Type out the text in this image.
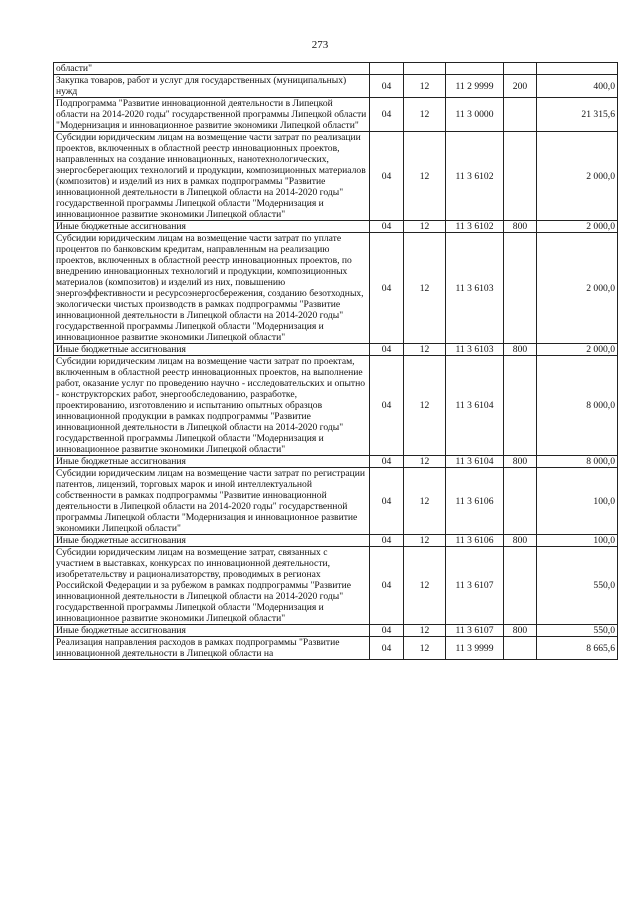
273
области"					
Закупка товаров, работ и услуг для государственных (муниципальных) нужд	04	12	11 2 9999	200	400,0
Подпрограмма "Развитие инновационной деятельности в Липецкой области на 2014-2020 годы" государственной программы Липецкой области "Модернизация и инновационное развитие экономики Липецкой области"	04	12	11 3 0000		21 315,6
Субсидии юридическим лицам на возмещение части затрат по реализации проектов, включенных в областной реестр инновационных проектов, направленных на создание инновационных, нанотехнологических, энергосберегающих технологий и продукции, композиционных материалов (композитов) и изделий из них в рамках подпрограммы "Развитие инновационной деятельности в Липецкой области на 2014-2020 годы" государственной программы Липецкой области "Модернизация и инновационное развитие экономики Липецкой области"	04	12	11 3 6102		2 000,0
Иные бюджетные ассигнования	04	12	11 3 6102	800	2 000,0
Субсидии юридическим лицам на возмещение части затрат по уплате процентов по банковским кредитам, направленным на реализацию проектов, включенных в областной реестр инновационных проектов, по внедрению инновационных технологий и продукции, композиционных материалов (композитов) и изделий из них, повышению энергоэффективности и ресурсоэнергосбережения, созданию безотходных, экологически чистых производств в рамках подпрограммы "Развитие инновационной деятельности в Липецкой области на 2014-2020 годы" государственной программы Липецкой области "Модернизация и инновационное развитие экономики Липецкой области"	04	12	11 3 6103		2 000,0
Иные бюджетные ассигнования	04	12	11 3 6103	800	2 000,0
Субсидии юридическим лицам на возмещение части затрат по проектам, включенным в областной реестр инновационных проектов, на выполнение работ, оказание услуг по проведению научно - исследовательских и опытно - конструкторских работ, энергообследованию, разработке, проектированию, изготовлению и испытанию опытных образцов инновационной продукции в рамках подпрограммы "Развитие инновационной деятельности в Липецкой области на 2014-2020 годы" государственной программы Липецкой области "Модернизация и инновационное развитие экономики Липецкой области"	04	12	11 3 6104		8 000,0
Иные бюджетные ассигнования	04	12	11 3 6104	800	8 000,0
Субсидии юридическим лицам на возмещение части затрат по регистрации патентов, лицензий, торговых марок и иной интеллектуальной собственности в рамках подпрограммы "Развитие инновационной деятельности в Липецкой области на 2014-2020 годы" государственной программы Липецкой области "Модернизация и инновационное развитие экономики Липецкой области"	04	12	11 3 6106		100,0
Иные бюджетные ассигнования	04	12	11 3 6106	800	100,0
Субсидии юридическим лицам на возмещение затрат, связанных с участием в выставках, конкурсах по инновационной деятельности, изобретательству и рационализаторству, проводимых в регионах Российской Федерации и за рубежом в рамках подпрограммы "Развитие инновационной деятельности в Липецкой области на 2014-2020 годы" государственной программы Липецкой области "Модернизация и инновационное развитие экономики Липецкой области"	04	12	11 3 6107		550,0
Иные бюджетные ассигнования	04	12	11 3 6107	800	550,0
Реализация направления расходов в рамках подпрограммы "Развитие инновационной деятельности в Липецкой области на	04	12	11 3 9999		8 665,6
